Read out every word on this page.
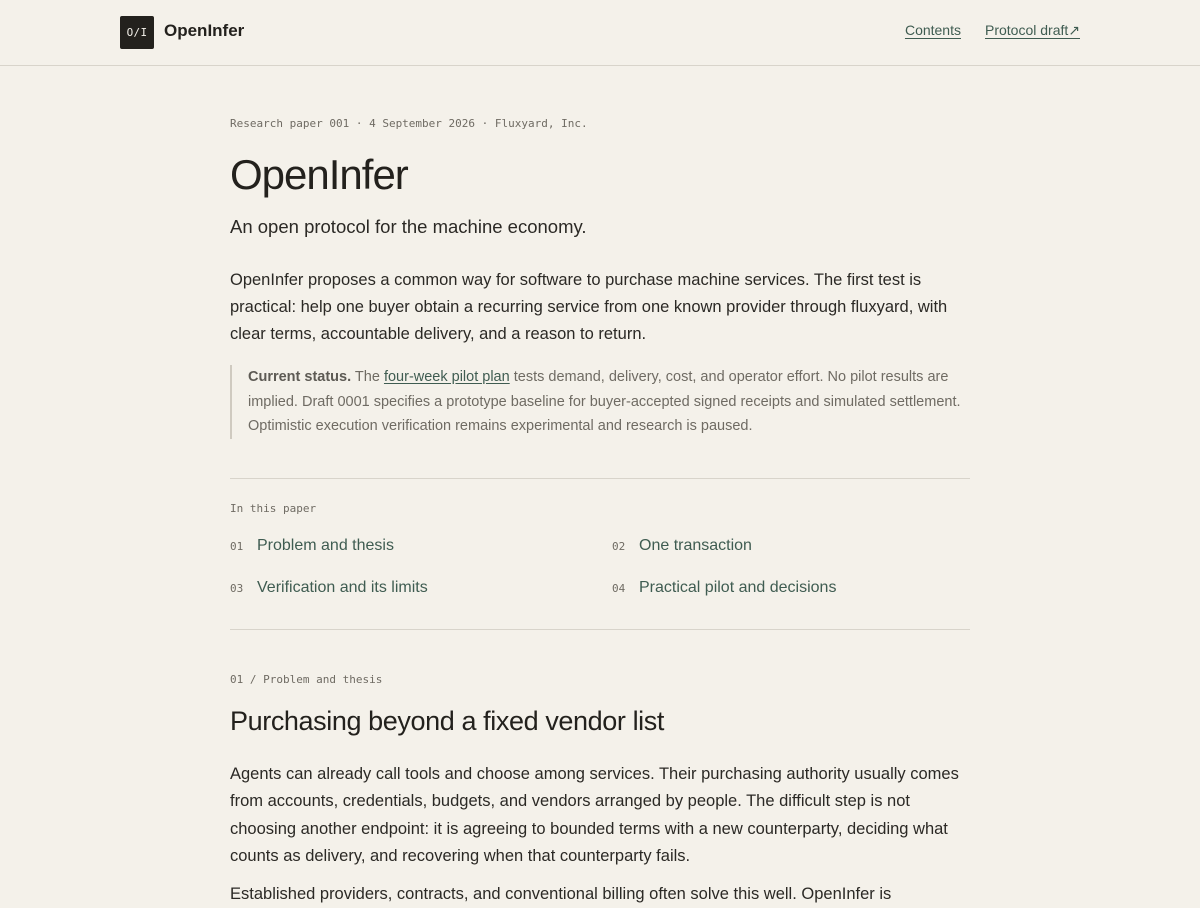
O/I OpenInfer	Contents Protocol draft↗
Research paper 001 · 4 September 2026 · Fluxyard, Inc.
OpenInfer
An open protocol for the machine economy.

OpenInfer proposes a common way for software to purchase machine services. The first test is practical: help one buyer obtain a recurring service from one known provider through fluxyard, with clear terms, accountable delivery, and a reason to return.

Current status. The four-week pilot plan tests demand, delivery, cost, and operator effort. No pilot results are implied. Draft 0001 specifies a prototype baseline for buyer-accepted signed receipts and simulated settlement. Optimistic execution verification remains experimental and research is paused.
In this paper
01 Problem and thesis	02 One transaction
03 Verification and its limits	04 Practical pilot and decisions
01 / Problem and thesis
Purchasing beyond a fixed vendor list

Agents can already call tools and choose among services. Their purchasing authority usually comes from accounts, credentials, budgets, and vendors arranged by people. The difficult step is not choosing another endpoint: it is agreeing to bounded terms with a new counterparty, deciding what counts as delivery, and recovering when that counterparty fails.

Established providers, contracts, and conventional billing often solve this well. OpenInfer is
